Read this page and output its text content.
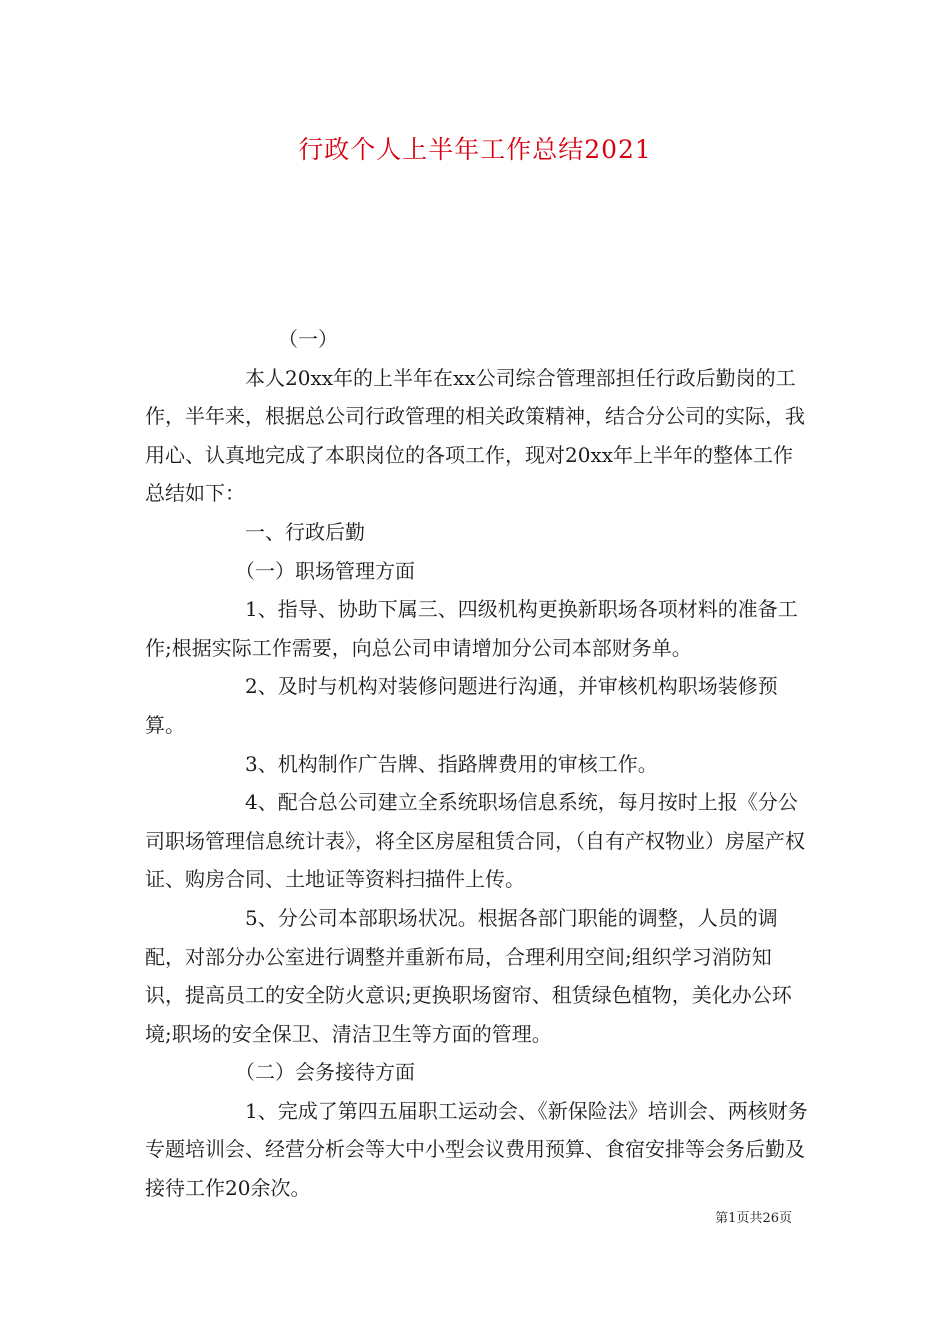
行政个人上半年工作总结2021

（一）

本人20xx年的上半年在xx公司综合管理部担任行政后勤岗的工作，半年来，根据总公司行政管理的相关政策精神，结合分公司的实际，我用心、认真地完成了本职岗位的各项工作，现对20xx年上半年的整体工作总结如下：

一、行政后勤

（一）职场管理方面

1、指导、协助下属三、四级机构更换新职场各项材料的准备工作;根据实际工作需要，向总公司申请增加分公司本部财务单。

2、及时与机构对装修问题进行沟通，并审核机构职场装修预算。

3、机构制作广告牌、指路牌费用的审核工作。

4、配合总公司建立全系统职场信息系统，每月按时上报《分公司职场管理信息统计表》，将全区房屋租赁合同，（自有产权物业）房屋产权证、购房合同、土地证等资料扫描件上传。

5、分公司本部职场状况。根据各部门职能的调整，人员的调配，对部分办公室进行调整并重新布局，合理利用空间;组织学习消防知识，提高员工的安全防火意识;更换职场窗帘、租赁绿色植物，美化办公环境;职场的安全保卫、清洁卫生等方面的管理。

（二）会务接待方面

1、完成了第四五届职工运动会、《新保险法》培训会、两核财务专题培训会、经营分析会等大中小型会议费用预算、食宿安排等会务后勤及接待工作20余次。

第1页共26页
